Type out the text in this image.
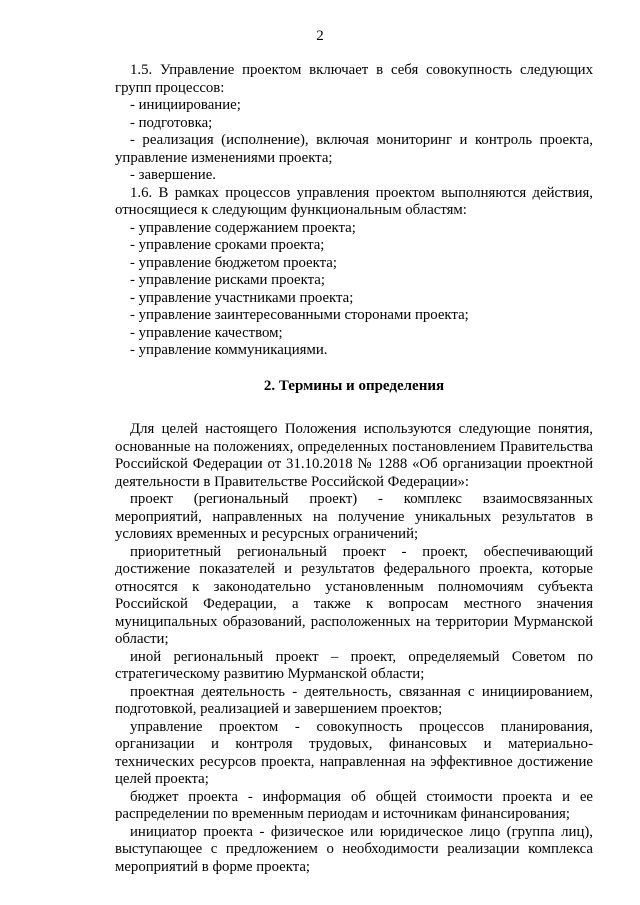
2

1.5. Управление проектом включает в себя совокупность следующих групп процессов:

- инициирование;

- подготовка;

- реализация (исполнение), включая мониторинг и контроль проекта, управление изменениями проекта;

- завершение.

1.6. В рамках процессов управления проектом выполняются действия, относящиеся к следующим функциональным областям:

- управление содержанием проекта;

- управление сроками проекта;

- управление бюджетом проекта;

- управление рисками проекта;

- управление участниками проекта;

- управление заинтересованными сторонами проекта;

- управление качеством;

- управление коммуникациями.

2. Термины и определения

Для целей настоящего Положения используются следующие понятия, основанные на положениях, определенных постановлением Правительства Российской Федерации от 31.10.2018 № 1288 «Об организации проектной деятельности в Правительстве Российской Федерации»:

проект (региональный проект) - комплекс взаимосвязанных мероприятий, направленных на получение уникальных результатов в условиях временных и ресурсных ограничений;

приоритетный региональный проект - проект, обеспечивающий достижение показателей и результатов федерального проекта, которые относятся к законодательно установленным полномочиям субъекта Российской Федерации, а также к вопросам местного значения муниципальных образований, расположенных на территории Мурманской области;

иной региональный проект – проект, определяемый Советом по стратегическому развитию Мурманской области;

проектная деятельность - деятельность, связанная с инициированием, подготовкой, реализацией и завершением проектов;

управление проектом - совокупность процессов планирования, организации и контроля трудовых, финансовых и материально-технических ресурсов проекта, направленная на эффективное достижение целей проекта;

бюджет проекта - информация об общей стоимости проекта и ее распределении по временным периодам и источникам финансирования;

инициатор проекта - физическое или юридическое лицо (группа лиц), выступающее с предложением о необходимости реализации комплекса мероприятий в форме проекта;
